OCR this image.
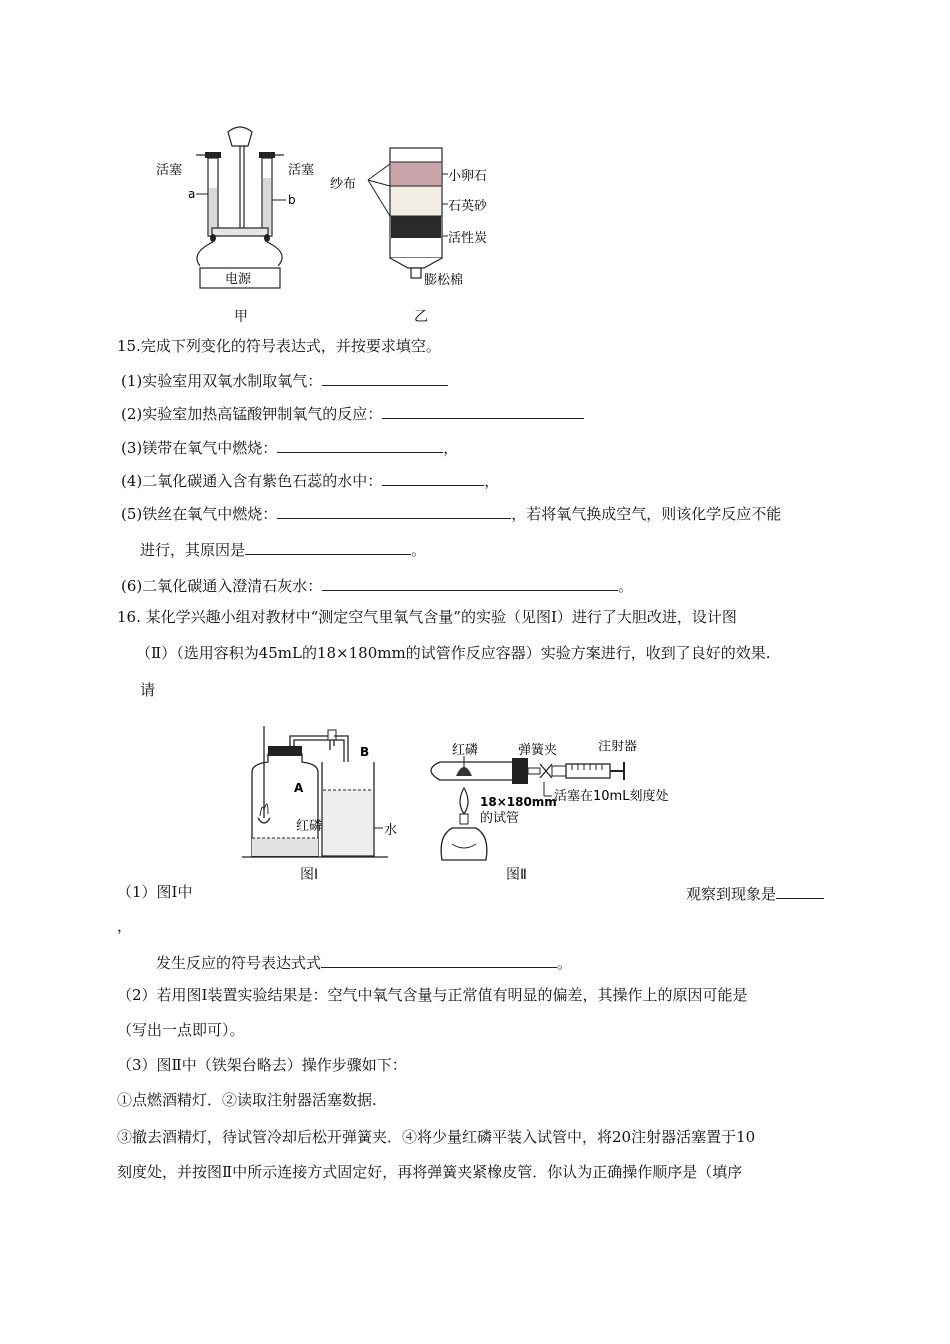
电源
活塞	活塞
a	b
纱布
小卵石
石英砂
活性炭
膨松棉
甲	乙
15.完成下列变化的符号表达式，并按要求填空。
(1)实验室用双氧水制取氧气：
(2)实验室加热高锰酸钾制氧气的反应：
(3)镁带在氧气中燃烧：	，
(4)二氧化碳通入含有紫色石蕊的水中：	，
(5)铁丝在氧气中燃烧：	，若将氧气换成空气，则该化学反应不能
进行，其原因是	。
(6)二氧化碳通入澄清石灰水：	。
16. 某化学兴趣小组对教材中“测定空气里氧气含量”的实验（见图Ⅰ）进行了大胆改进，设计图
（Ⅱ）（选用容积为45mL的18×180mm的试管作反应容器）实验方案进行，收到了良好的效果.
请
A
B
红磷	水
红磷	弹簧夹	注射器
18×180mm
的试管
活塞在10mL刻度处
图Ⅰ	图Ⅱ
（1）图Ⅰ中	观察到现象是
，
发生反应的符号表达式式	。
（2）若用图Ⅰ装置实验结果是：空气中氧气含量与正常值有明显的偏差，其操作上的原因可能是
（写出一点即可）。
（3）图Ⅱ中（铁架台略去）操作步骤如下：
①点燃酒精灯．②读取注射器活塞数据.
③撤去酒精灯，待试管冷却后松开弹簧夹．④将少量红磷平装入试管中，将20注射器活塞置于10
刻度处，并按图Ⅱ中所示连接方式固定好，再将弹簧夹紧橡皮管．你认为正确操作顺序是（填序
